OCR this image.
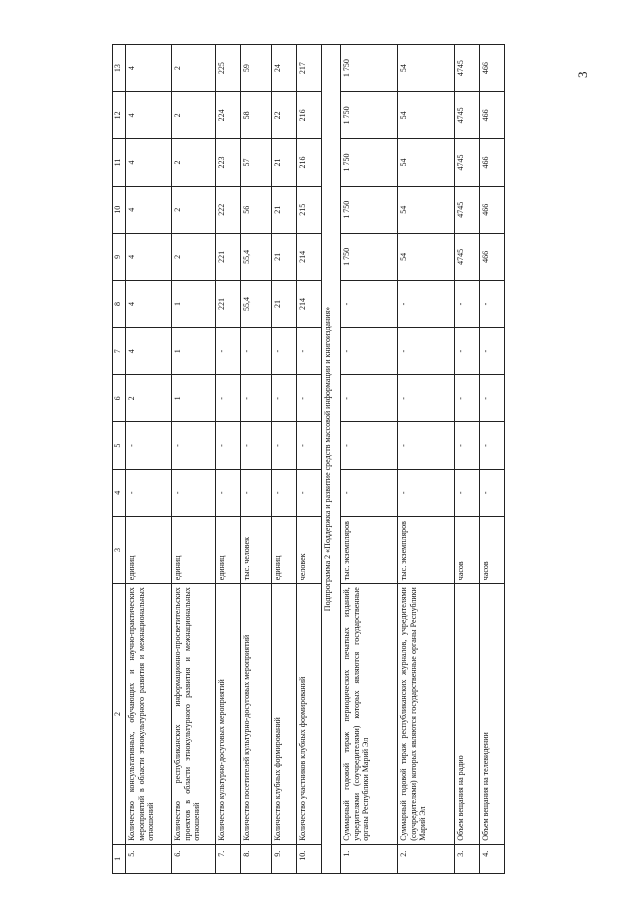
3
1	2	3	4	5	6	7	8	9	10	11	12	13
5.	Количество консультативных, обучающих и научно-практических мероприятий в области этнокультурного развития и межнациональных отношений	единиц	-	-	2	4	4	4	4	4	4	4
6.	Количество республиканских информационно-просветительских проектов в области этнокультурного развития и межнациональных отношений	единиц	-	-	1	1	1	2	2	2	2	2
7.	Количество культурно-досуговых мероприятий	единиц	-	-	-	-	221	221	222	223	224	225
8.	Количество посетителей культурно-досуговых мероприятий	тыс. человек	-	-	-	-	55,4	55,4	56	57	58	59
9.	Количество клубных формирований	единиц	-	-	-	-	21	21	21	21	22	24
10.	Количество участников клубных формирований	человек	-	-	-	-	214	214	215	216	216	217
Подпрограмма 2 «Поддержка и развитие средств массовой информации и книгоиздания»												
1.	Суммарный годовой тираж периодических печатных изданий, учредителями (соучредителями) которых являются государственные органы Республики Марий Эл	тыс. экземпляров	-	-	-	-	-	1 750	1 750	1 750	1 750	1 750
2.	Суммарный годовой тираж республиканских журналов, учредителями (соучредителями) которых являются государственные органы Республики Марий Эл	тыс. экземпляров	-	-	-	-	-	54	54	54	54	54
3.	Объем вещания на радио	часов	-	-	-	-	-	4745	4745	4745	4745	4745
4.	Объем вещания на телевидении	часов	-	-	-	-	-	466	466	466	466	466
